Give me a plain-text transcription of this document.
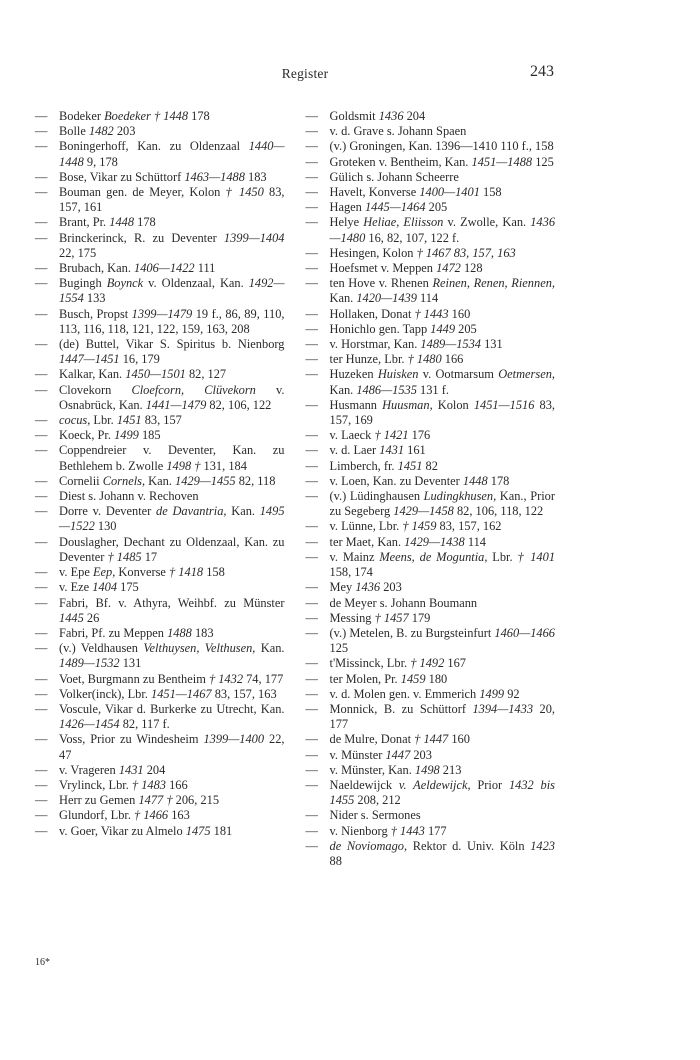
Register	243

— Bodeker Boedeker † 1448 178

— Bolle 1482 203

— Boningerhoff, Kan. zu Oldenzaal 1440—1448 9, 178

— Bose, Vikar zu Schüttorf 1463—1488 183

— Bouman gen. de Meyer, Kolon † 1450 83, 157, 161

— Brant, Pr. 1448 178

— Brinckerinck, R. zu Deventer 1399—1404 22, 175

— Brubach, Kan. 1406—1422 111

— Bugingh Boynck v. Oldenzaal, Kan. 1492—1554 133

— Busch, Propst 1399—1479 19 f., 86, 89, 110, 113, 116, 118, 121, 122, 159, 163, 208

— (de) Buttel, Vikar S. Spiritus b. Nienborg 1447—1451 16, 179

— Kalkar, Kan. 1450—1501 82, 127

— Clovekorn Cloefcorn, Clüvekorn v. Osnabrück, Kan. 1441—1479 82, 106, 122

— cocus, Lbr. 1451 83, 157

— Koeck, Pr. 1499 185

— Coppendreier v. Deventer, Kan. zu Bethlehem b. Zwolle 1498 † 131, 184

— Cornelii Cornels, Kan. 1429—1455 82, 118

— Diest s. Johann v. Rechoven

— Dorre v. Deventer de Davantria, Kan. 1495—1522 130

— Douslagher, Dechant zu Oldenzaal, Kan. zu Deventer † 1485 17

— v. Epe Eep, Konverse † 1418 158

— v. Eze 1404 175

— Fabri, Bf. v. Athyra, Weihbf. zu Münster 1445 26

— Fabri, Pf. zu Meppen 1488 183

— (v.) Veldhausen Velthuysen, Velthusen, Kan. 1489—1532 131

— Voet, Burgmann zu Bentheim † 1432 74, 177

— Volker(inck), Lbr. 1451—1467 83, 157, 163

— Voscule, Vikar d. Burkerke zu Utrecht, Kan. 1426—1454 82, 117 f.

— Voss, Prior zu Windesheim 1399—1400 22, 47

— v. Vrageren 1431 204

— Vrylinck, Lbr. † 1483 166

— Herr zu Gemen 1477 † 206, 215

— Glundorf, Lbr. † 1466 163

— v. Goer, Vikar zu Almelo 1475 181

— Goldsmit 1436 204

— v. d. Grave s. Johann Spaen

— (v.) Groningen, Kan. 1396—1410 110 f., 158

— Groteken v. Bentheim, Kan. 1451—1488 125

— Gülich s. Johann Scheerre

— Havelt, Konverse 1400—1401 158

— Hagen 1445—1464 205

— Helye Heliae, Eliisson v. Zwolle, Kan. 1436—1480 16, 82, 107, 122 f.

— Hesingen, Kolon † 1467 83, 157, 163

— Hoefsmet v. Meppen 1472 128

— ten Hove v. Rhenen Reinen, Renen, Riennen, Kan. 1420—1439 114

— Hollaken, Donat † 1443 160

— Honichlo gen. Tapp 1449 205

— v. Horstmar, Kan. 1489—1534 131

— ter Hunze, Lbr. † 1480 166

— Huzeken Huisken v. Ootmarsum Oetmersen, Kan. 1486—1535 131 f.

— Husmann Huusman, Kolon 1451—1516 83, 157, 169

— v. Laeck † 1421 176

— v. d. Laer 1431 161

— Limberch, fr. 1451 82

— v. Loen, Kan. zu Deventer 1448 178

— (v.) Lüdinghausen Ludingkhusen, Kan., Prior zu Segeberg 1429—1458 82, 106, 118, 122

— v. Lünne, Lbr. † 1459 83, 157, 162

— ter Maet, Kan. 1429—1438 114

— v. Mainz Meens, de Moguntia, Lbr. † 1401 158, 174

— Mey 1436 203

— de Meyer s. Johann Boumann

— Messing † 1457 179

— (v.) Metelen, B. zu Burgsteinfurt 1460—1466 125

— t'Missinck, Lbr. † 1492 167

— ter Molen, Pr. 1459 180

— v. d. Molen gen. v. Emmerich 1499 92

— Monnick, B. zu Schüttorf 1394—1433 20, 177

— de Mulre, Donat † 1447 160

— v. Münster 1447 203

— v. Münster, Kan. 1498 213

— Naeldewijck v. Aeldewijck, Prior 1432 bis 1455 208, 212

— Nider s. Sermones

— v. Nienborg † 1443 177

— de Noviomago, Rektor d. Univ. Köln 1423 88

16*
